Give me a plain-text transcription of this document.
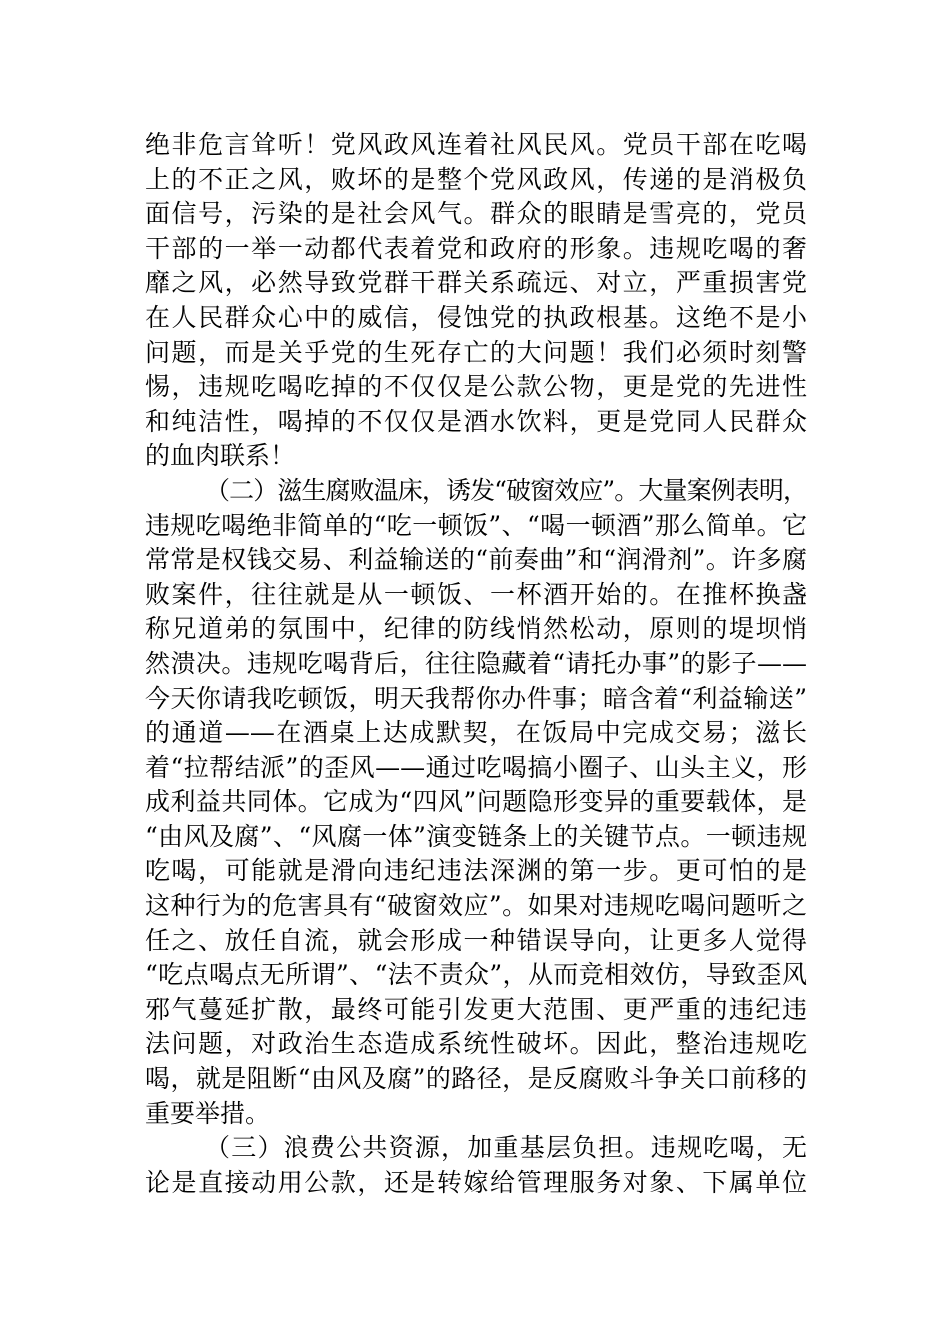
绝非危言耸听！党风政风连着社风民风。党员干部在吃喝
上的不正之风，败坏的是整个党风政风，传递的是消极负
面信号，污染的是社会风气。群众的眼睛是雪亮的，党员
干部的一举一动都代表着党和政府的形象。违规吃喝的奢
靡之风，必然导致党群干群关系疏远、对立，严重损害党
在人民群众心中的威信，侵蚀党的执政根基。这绝不是小
问题，而是关乎党的生死存亡的大问题！我们必须时刻警
惕，违规吃喝吃掉的不仅仅是公款公物，更是党的先进性
和纯洁性，喝掉的不仅仅是酒水饮料，更是党同人民群众
的血肉联系！
（二）滋生腐败温床，诱发“破窗效应”。大量案例表明，
违规吃喝绝非简单的“吃一顿饭”、“喝一顿酒”那么简单。它
常常是权钱交易、利益输送的“前奏曲”和“润滑剂”。许多腐
败案件，往往就是从一顿饭、一杯酒开始的。在推杯换盏
称兄道弟的氛围中，纪律的防线悄然松动，原则的堤坝悄
然溃决。违规吃喝背后，往往隐藏着“请托办事”的影子——
今天你请我吃顿饭，明天我帮你办件事；暗含着“利益输送”
的通道——在酒桌上达成默契，在饭局中完成交易；滋长
着“拉帮结派”的歪风——通过吃喝搞小圈子、山头主义，形
成利益共同体。它成为“四风”问题隐形变异的重要载体，是
“由风及腐”、“风腐一体”演变链条上的关键节点。一顿违规
吃喝，可能就是滑向违纪违法深渊的第一步。更可怕的是
这种行为的危害具有“破窗效应”。如果对违规吃喝问题听之
任之、放任自流，就会形成一种错误导向，让更多人觉得
“吃点喝点无所谓”、“法不责众”，从而竞相效仿，导致歪风
邪气蔓延扩散，最终可能引发更大范围、更严重的违纪违
法问题，对政治生态造成系统性破坏。因此，整治违规吃
喝，就是阻断“由风及腐”的路径，是反腐败斗争关口前移的
重要举措。
（三）浪费公共资源，加重基层负担。违规吃喝，无
论是直接动用公款，还是转嫁给管理服务对象、下属单位
